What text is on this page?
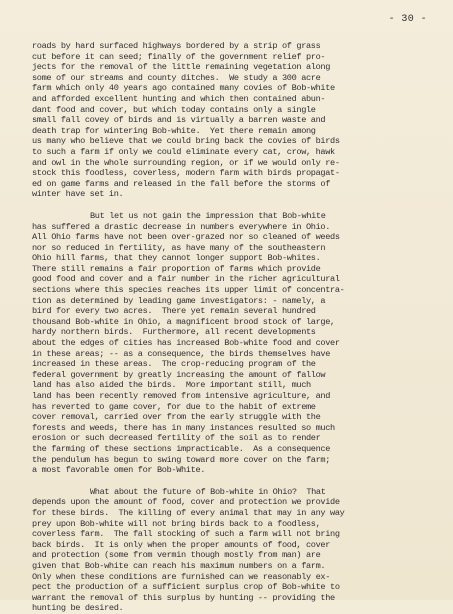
- 30 -
roads by hard surfaced highways bordered by a strip of grass
cut before it can seed; finally of the government relief pro-
jects for the removal of the little remaining vegetation along
some of our streams and county ditches.  We study a 300 acre
farm which only 40 years ago contained many covies of Bob-white
and afforded excellent hunting and which then contained abun-
dant food and cover, but which today contains only a single
small fall covey of birds and is virtually a barren waste and
death trap for wintering Bob-white.  Yet there remain among
us many who believe that we could bring back the covies of birds
to such a farm if only we could eliminate every cat, crow, hawk
and owl in the whole surrounding region, or if we would only re-
stock this foodless, coverless, modern farm with birds propagat-
ed on game farms and released in the fall before the storms of
winter have set in.
But let us not gain the impression that Bob-white
has suffered a drastic decrease in numbers everywhere in Ohio.
All Ohio farms have not been over-grazed nor so cleaned of weeds
nor so reduced in fertility, as have many of the southeastern
Ohio hill farms, that they cannot longer support Bob-whites.
There still remains a fair proportion of farms which provide
good food and cover and a fair number in the richer agricultural
sections where this species reaches its upper limit of concentra-
tion as determined by leading game investigators: - namely, a
bird for every two acres.  There yet remain several hundred
thousand Bob-white in Ohio, a magnificent brood stock of large,
hardy northern birds.  Furthermore, all recent developments
about the edges of cities has increased Bob-white food and cover
in these areas; -- as a consequence, the birds themselves have
increased in these areas.  The crop-reducing program of the
federal government by greatly increasing the amount of fallow
land has also aided the birds.  More important still, much
land has been recently removed from intensive agriculture, and
has reverted to game cover, for due to the habit of extreme
cover removal, carried over from the early struggle with the
forests and weeds, there has in many instances resulted so much
erosion or such decreased fertility of the soil as to render
the farming of these sections impracticable.  As a consequence
the pendulum has begun to swing toward more cover on the farm;
a most favorable omen for Bob-White.
What about the future of Bob-white in Ohio?  That
depends upon the amount of food, cover and protection we provide
for these birds.  The killing of every animal that may in any way
prey upon Bob-white will not bring birds back to a foodless,
coverless farm.  The fall stocking of such a farm will not bring
back birds.  It is only when the proper amounts of food, cover
and protection (some from vermin though mostly from man) are
given that Bob-white can reach his maximum numbers on a farm.
Only when these conditions are furnished can we reasonably ex-
pect the production of a sufficient surplus crop of Bob-white to
warrant the removal of this surplus by hunting -- providing the
hunting be desired.
